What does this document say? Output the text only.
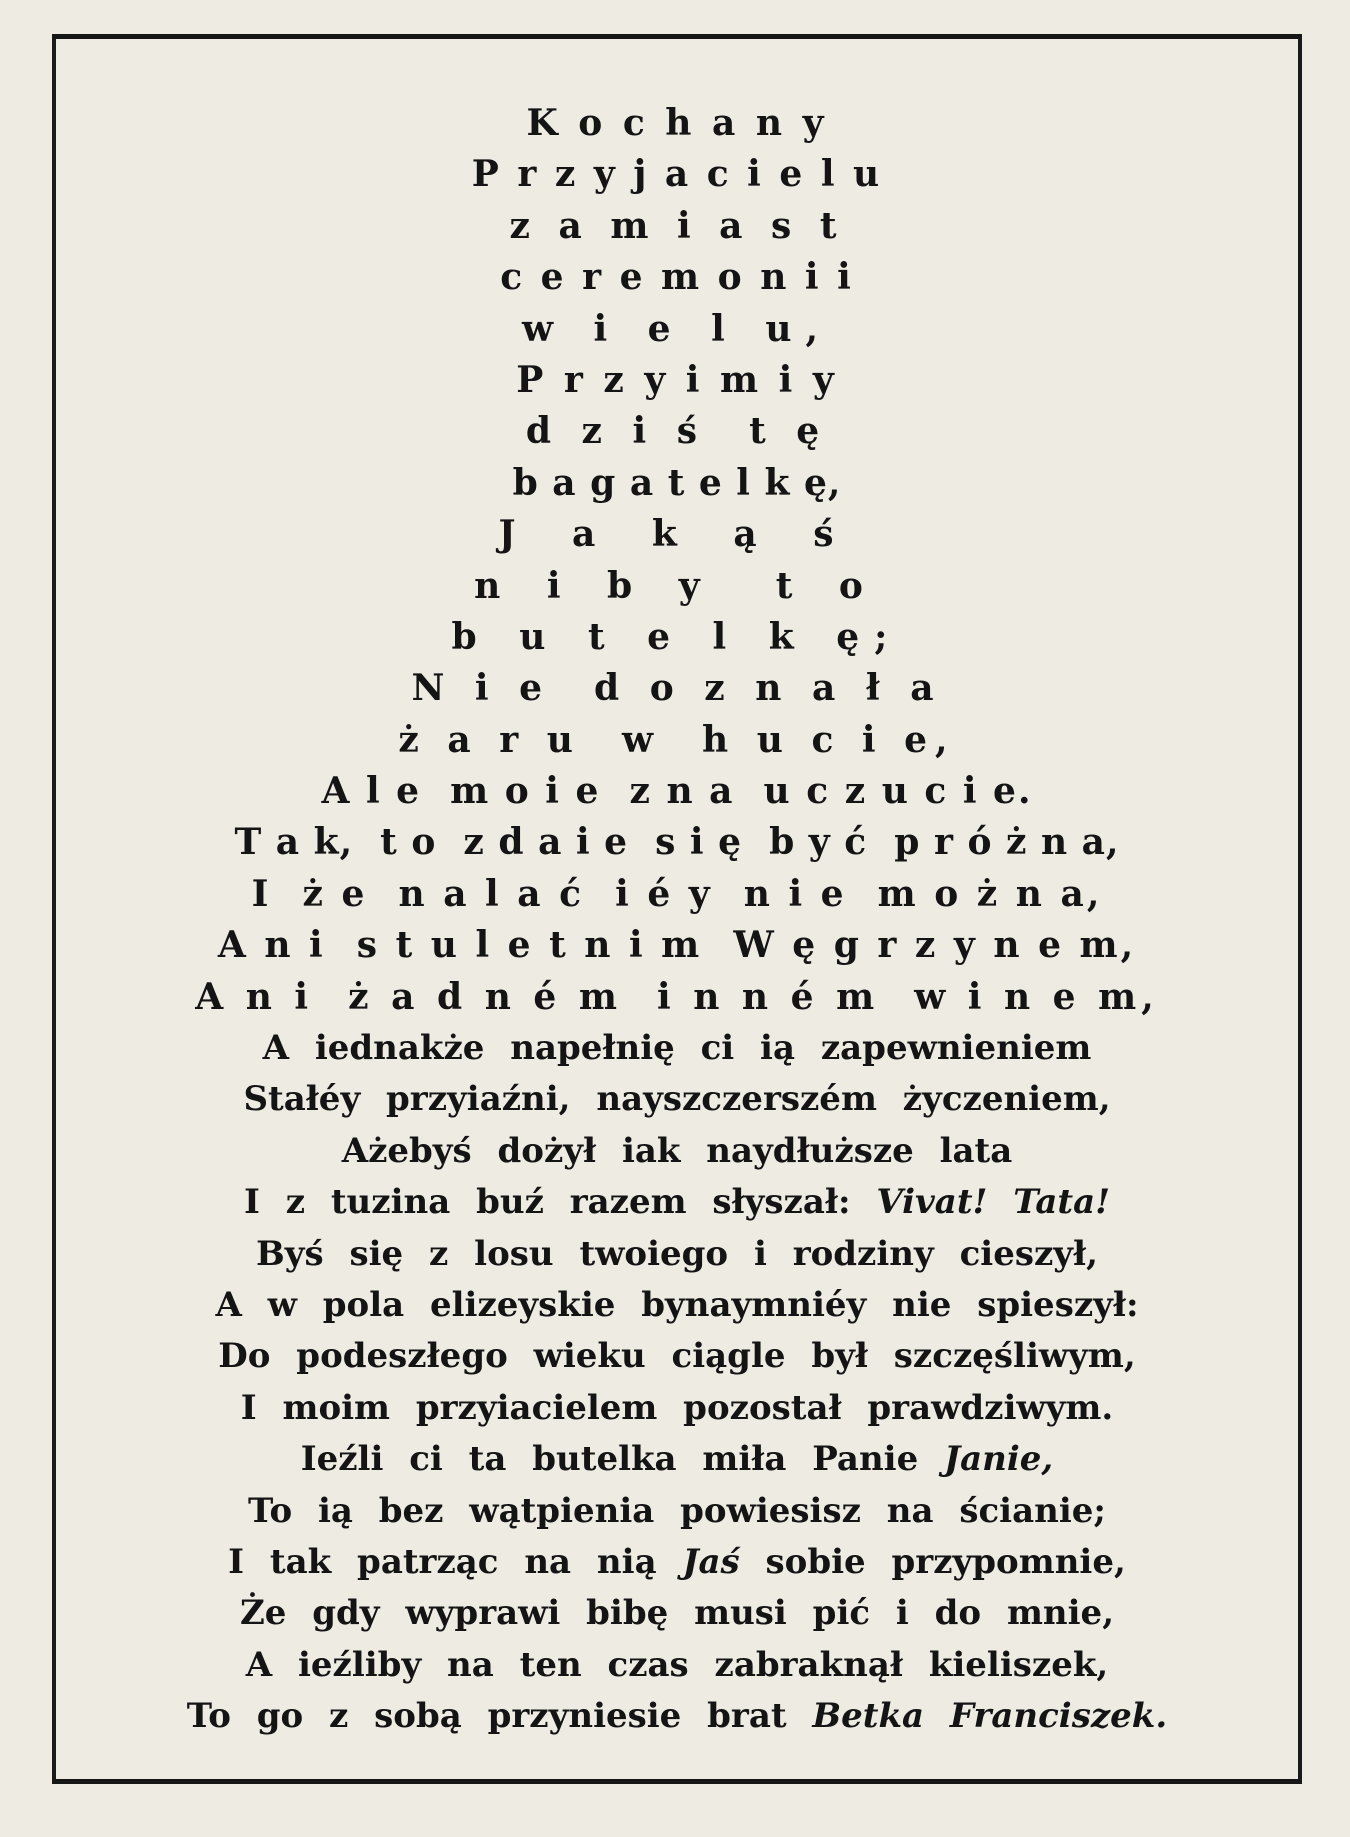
K o c h a n y
P r z y j a c i e l u
z a m i a s t
c e r e m o n i i
w i e l u,
P r z y i m i y
d z i ś  t ę
b a g a t e l k ę,
J a k ą ś
n i b y  t o
b u t e l k ę;
N i e  d o z n a ł a
ż a r u  w  h u c i e,
A l e  m o i e  z n a  u c z u c i e.
T a k,  t o  z d a i e  s i ę  b y ć  p r ó ż n a,
I  ż e  n a l a ć  i é y  n i e  m o ż n a,
A n i  s t u l e t n i m  W ę g r z y n e m,
A n i  ż a d n é m  i n n é m  w i n e m,
A iednakże napełnię ci ią zapewnieniem
Stałéy przyiaźni, nayszczerszém życzeniem,
Ażebyś dożył iak naydłuższe lata
I z tuzina buź razem słyszał: Vivat! Tata!
Byś się z losu twoiego i rodziny cieszył,
A w pola elizeyskie bynaymniéy nie spieszył:
Do podeszłego wieku ciągle był szczęśliwym,
I moim przyiacielem pozostał prawdziwym.
Ieźli ci ta butelka miła Panie Janie,
To ią bez wątpienia powiesisz na ścianie;
I tak patrząc na nią Jaś sobie przypomnie,
Że gdy wyprawi bibę musi pić i do mnie,
A ieźliby na ten czas zabraknął kieliszek,
To go z sobą przyniesie brat Betka Franciszek.
